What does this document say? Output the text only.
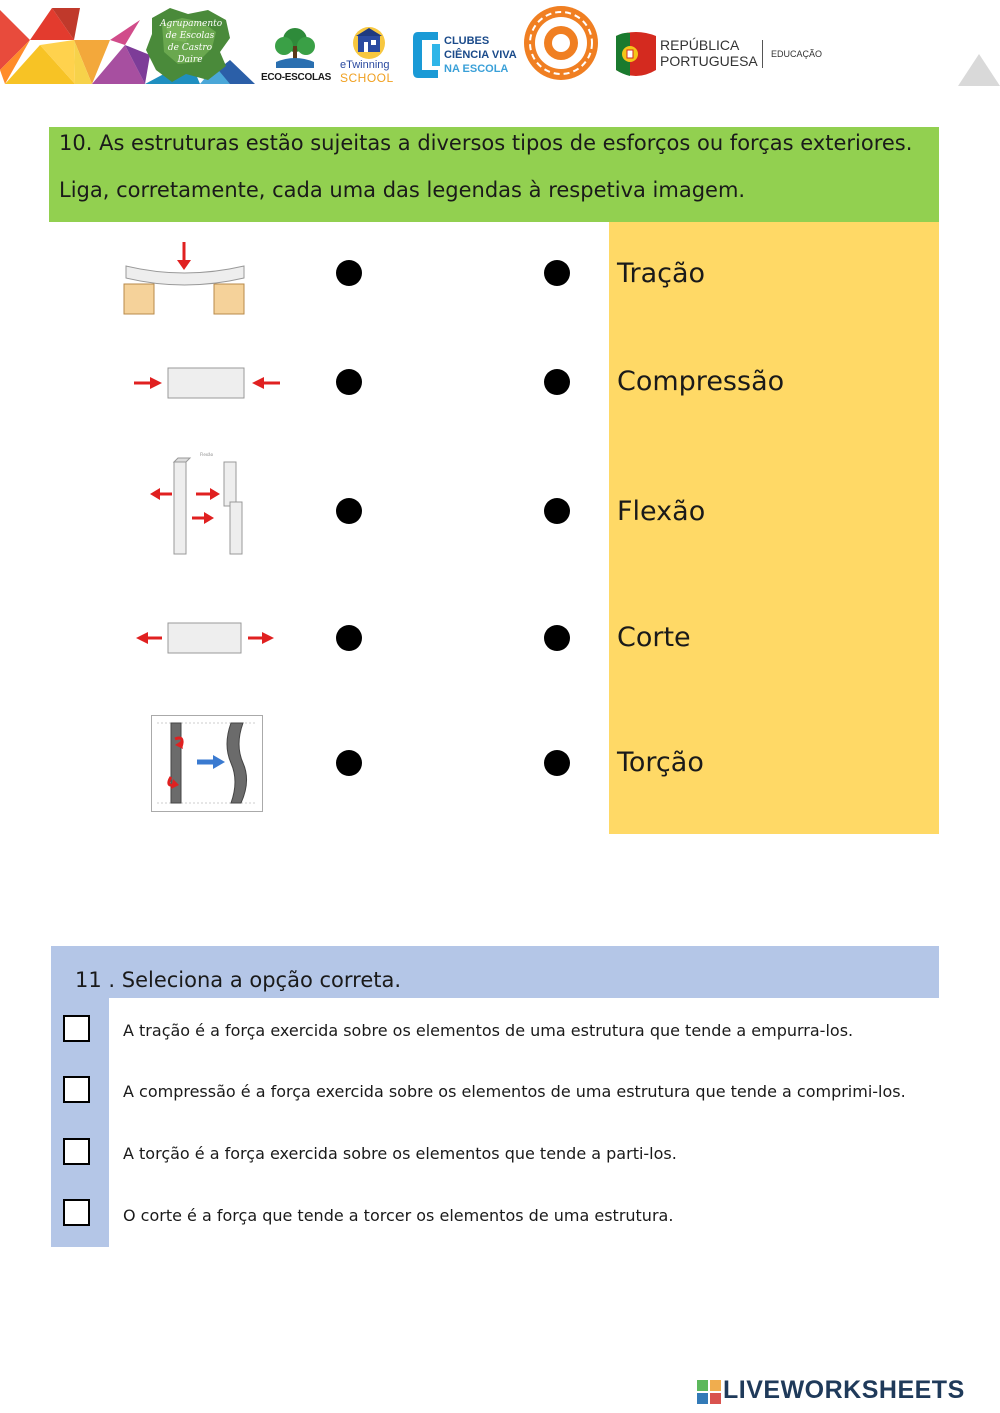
Agrupamento de Escolas de Castro Daire
ECO-ESCOLAS
eTwinning
SCHOOL
CLUBES
CIÊNCIA VIVA
NA ESCOLA
REPÚBLICA
PORTUGUESA EDUCAÇÃO
10. As estruturas estão sujeitas a diversos tipos de esforços ou forças exteriores.
Liga, corretamente, cada uma das legendas à respetiva imagem.
Flexão
Tração
Compressão
Flexão
Corte
Torção
11 . Seleciona a opção correta.
A tração é a força exercida sobre os elementos de uma estrutura que tende a empurra-los.
A compressão é a força exercida sobre os elementos de uma estrutura que tende a comprimi-los.
A torção é a força exercida sobre os elementos que tende a parti-los.
O corte é a força que tende a torcer os elementos de uma estrutura.
LIVEWORKSHEETS
